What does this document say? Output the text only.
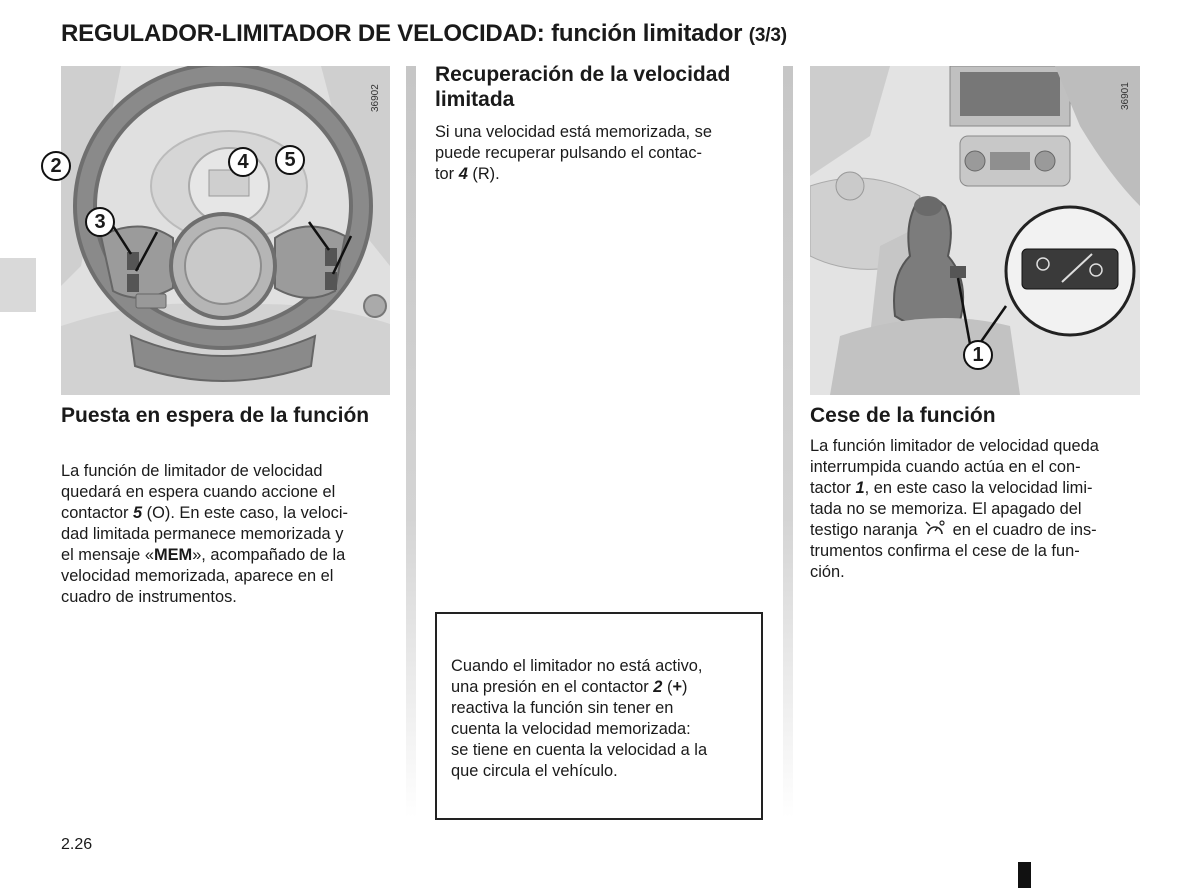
REGULADOR-LIMITADOR DE VELOCIDAD: función limitador (3/3)
2
3
4 5
36902
1
36901
Puesta en espera de la función

La función de limitador de velocidad

quedará en espera cuando accione el

contactor 5 (O). En este caso, la veloci-

dad limitada permanece memorizada y

el mensaje «MEM», acompañado de la

velocidad memorizada, aparece en el

cuadro de instrumentos.

Recuperación de la velocidad limitada

Si una velocidad está memorizada, se

puede recuperar pulsando el contac-

tor 4 (R).

Cuando el limitador no está activo,

una presión en el contactor 2 (+)

reactiva la función sin tener en

cuenta la velocidad memorizada:

se tiene en cuenta la velocidad a la

que circula el vehículo.

Cese de la función

La función limitador de velocidad queda

interrumpida cuando actúa en el con-

tactor 1, en este caso la velocidad limi-

tada no se memoriza. El apagado del

testigo naranja en el cuadro de ins-

trumentos confirma el cese de la fun-

ción.

2.26
